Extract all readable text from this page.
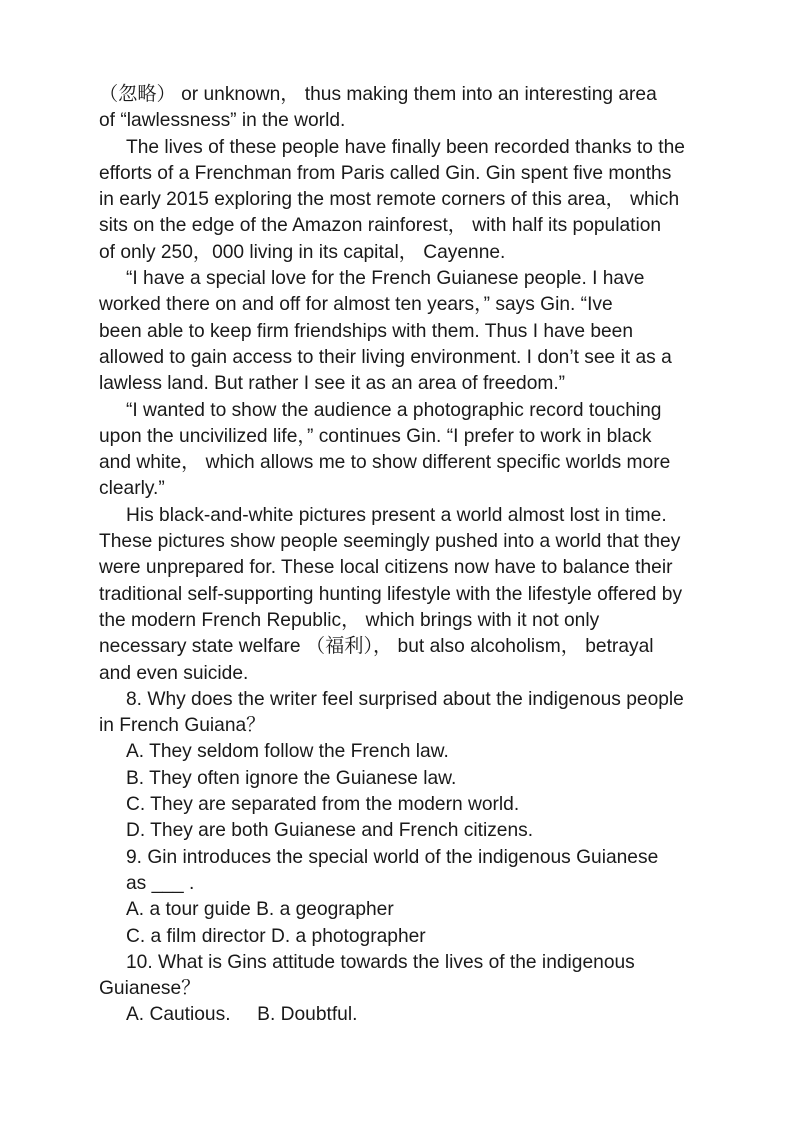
（忽略） or unknown， thus making them into an interesting area
of “lawlessness” in the world.
The lives of these people have finally been recorded thanks to the
efforts of a Frenchman from Paris called Gin. Gin spent five months
in early 2015 exploring the most remote corners of this area， which
sits on the edge of the Amazon rainforest， with half its population
of only 250，000 living in its capital， Cayenne.
“I have a special love for the French Guianese people. I have
worked there on and off for almost ten years，” says Gin. “Ive
been able to keep firm friendships with them. Thus I have been
allowed to gain access to their living environment. I don’t see it as a
lawless land. But rather I see it as an area of freedom.”
“I wanted to show the audience a photographic record touching
upon the uncivilized life，” continues Gin. “I prefer to work in black
and white， which allows me to show different specific worlds more
clearly.”
His black-and-white pictures present a world almost lost in time.
These pictures show people seemingly pushed into a world that they
were unprepared for. These local citizens now have to balance their
traditional self-supporting hunting lifestyle with the lifestyle offered by
the modern French Republic， which brings with it not only
necessary state welfare （福利）， but also alcoholism， betrayal
and even suicide.
8. Why does the writer feel surprised about the indigenous people
in French Guiana？
A. They seldom follow the French law.
B. They often ignore the Guianese law.
C. They are separated from the modern world.
D. They are both Guianese and French citizens.
9. Gin introduces the special world of the indigenous Guianese
as ___ .
A. a tour guide B. a geographer
C. a film director D. a photographer
10. What is Gins attitude towards the lives of the indigenous
Guianese？
A. Cautious.     B. Doubtful.
